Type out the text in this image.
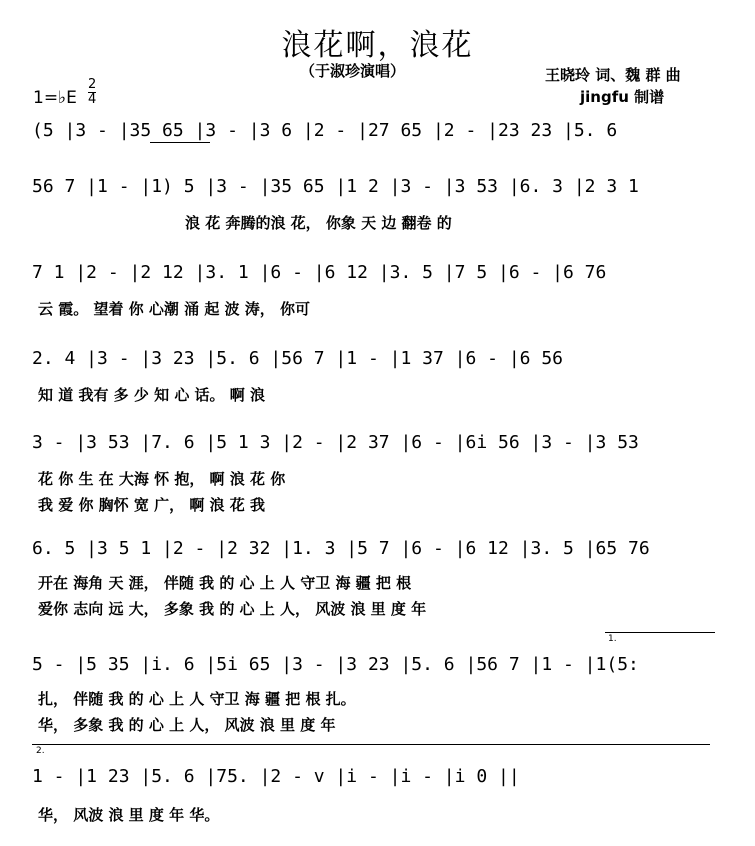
浪花啊，浪花
（于淑珍演唱）	王晓玲 词、魏 群 曲
jingfu 制谱
1=♭E $\frac{2}{4}$
(5 |3 - |35 65 |3 - |3 6 |2 - |27 65 |2 - |23 23 |5. 6
56 7 |1 - |1) 5 |3 - |35 65 |1 2 |3 - |3 53 |6. 3 |2 3 1
浪 花 奔腾的浪 花， 你象 天 边 翻卷 的
7 1 |2 - |2 12 |3. 1 |6 - |6 12 |3. 5 |7 5 |6 - |6 76
云 霞。 望着 你 心潮 涌 起 波 涛， 你可
2. 4 |3 - |3 23 |5. 6 |56 7 |1 - |1 37 |6 - |6 56
知 道 我有 多 少 知 心 话。 啊 浪
3 - |3 53 |7. 6 |5 1 3 |2 - |2 37 |6 - |6i 56 |3 - |3 53
花 你 生 在 大海 怀 抱， 啊 浪 花 你
我 爱 你 胸怀 宽 广， 啊 浪 花 我
6. 5 |3 5 1 |2 - |2 32 |1. 3 |5 7 |6 - |6 12 |3. 5 |65 76
开在 海角 天 涯， 伴随 我 的 心 上 人 守卫 海 疆 把 根
爱你 志向 远 大， 多象 我 的 心 上 人， 风波 浪 里 度 年
1.
5 - |5 35 |i. 6 |5i 65 |3 - |3 23 |5. 6 |56 7 |1 - |1(5:
扎， 伴随 我 的 心 上 人 守卫 海 疆 把 根 扎。
华， 多象 我 的 心 上 人， 风波 浪 里 度 年
2.
1 - |1 23 |5. 6 |75. |2 - v |i - |i - |i 0 ||
华， 风波 浪 里 度 年 华。
